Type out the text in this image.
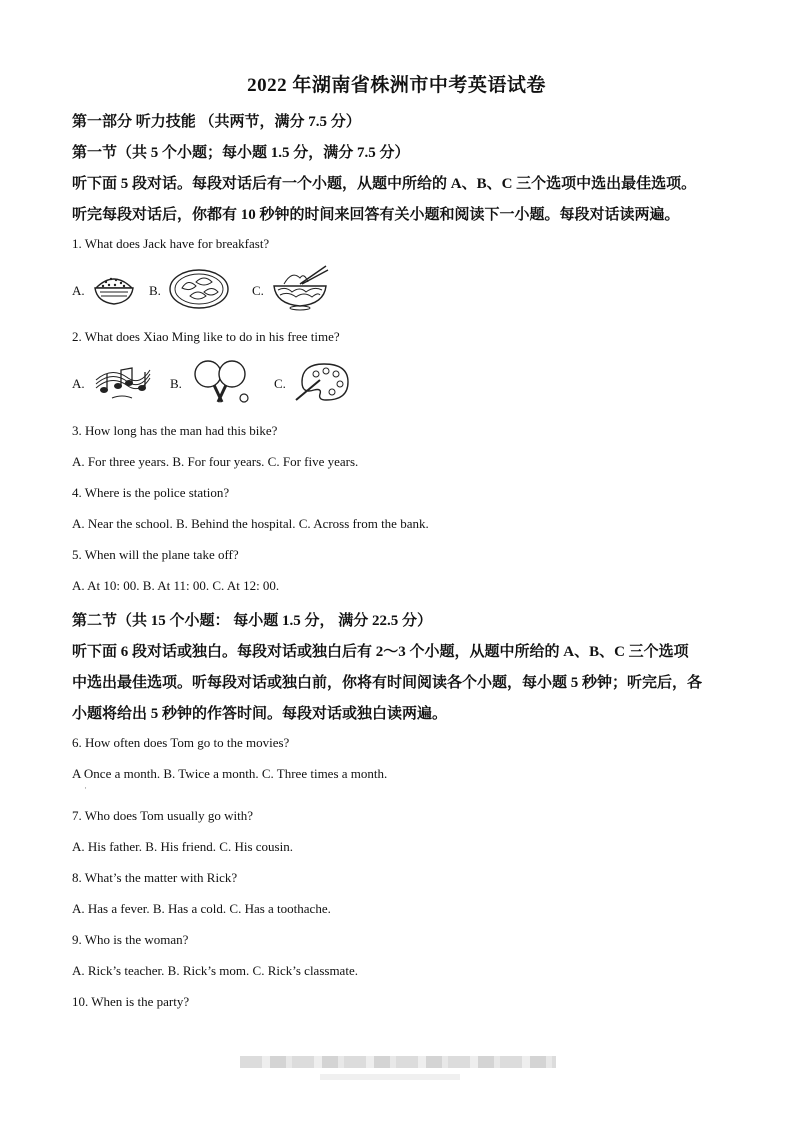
2022 年湖南省株洲市中考英语试卷
第一部分 听力技能 （共两节，满分 7.5 分）
第一节（共 5 个小题；每小题 1.5 分，满分 7.5 分）
听下面 5 段对话。每段对话后有一个小题，从题中所给的 A、B、C 三个选项中选出最佳选项。
听完每段对话后，你都有 10 秒钟的时间来回答有关小题和阅读下一小题。每段对话读两遍。
1. What does Jack have for breakfast?
A.	B.	C.
2. What does Xiao Ming like to do in his free time?
A.	B.	C.
3. How long has the man had this bike?
A. For three years. B. For four years. C. For five years.
4. Where is the police station?
A. Near the school. B. Behind the hospital. C. Across from the bank.
5. When will the plane take off?
A. At 10: 00. B. At 11: 00. C. At 12: 00.
第二节（共 15 个小题： 每小题 1.5 分， 满分 22.5 分）
听下面 6 段对话或独白。每段对话或独白后有 2～3 个小题，从题中所给的 A、B、C 三个选项
中选出最佳选项。听每段对话或独白前，你将有时间阅读各个小题，每小题 5 秒钟；听完后，各
小题将给出 5 秒钟的作答时间。每段对话或独白读两遍。
6. How often does Tom go to the movies?
A Once a month. B. Twice a month. C. Three times a month.
·
7. Who does Tom usually go with?
A. His father. B. His friend. C. His cousin.
8. What’s the matter with Rick?
A. Has a fever. B. Has a cold. C. Has a toothache.
9. Who is the woman?
A. Rick’s teacher. B. Rick’s mom. C. Rick’s classmate.
10. When is the party?
